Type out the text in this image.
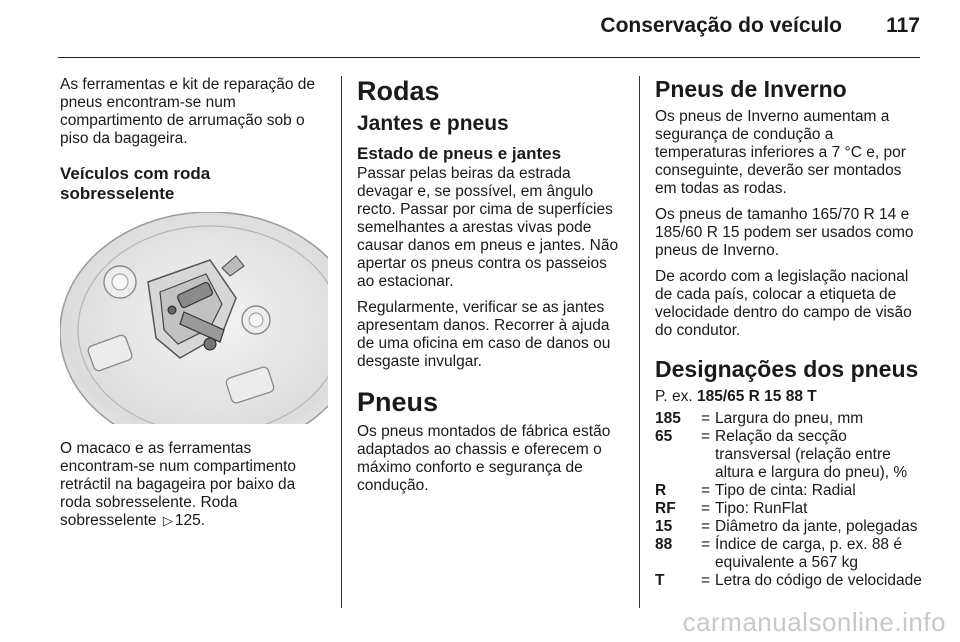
Conservação do veículo 117

As ferramentas e kit de reparação de pneus encontram-se num compartimento de arrumação sob o piso da bagageira.

Veículos com roda sobresselente

O macaco e as ferramentas encontram-se num compartimento retráctil na bagageira por baixo da roda sobresselente. Roda sobresselente ▷ 125.

Rodas
Jantes e pneus
Estado de pneus e jantes

Passar pelas beiras da estrada devagar e, se possível, em ângulo recto. Passar por cima de superfícies semelhantes a arestas vivas pode causar danos em pneus e jantes. Não apertar os pneus contra os passeios ao estacionar.

Regularmente, verificar se as jantes apresentam danos. Recorrer à ajuda de uma oficina em caso de danos ou desgaste invulgar.

Pneus

Os pneus montados de fábrica estão adaptados ao chassis e oferecem o máximo conforto e segurança de condução.

Pneus de Inverno

Os pneus de Inverno aumentam a segurança de condução a temperaturas inferiores a 7 °C e, por conseguinte, deverão ser montados em todas as rodas.

Os pneus de tamanho 165/70 R 14 e 185/60 R 15 podem ser usados como pneus de Inverno.

De acordo com a legislação nacional de cada país, colocar a etiqueta de velocidade dentro do campo de visão do condutor.

Designações dos pneus

P. ex. 185/65 R 15 88 T

185	= Largura do pneu, mm
65	= Relação da secção transversal (relação entre altura e largura do pneu), %
R	= Tipo de cinta: Radial
RF	= Tipo: RunFlat
15	= Diâmetro da jante, polegadas
88	= Índice de carga, p. ex. 88 é equivalente a 567 kg
T	= Letra do código de velocidade
carmanualsonline.info
